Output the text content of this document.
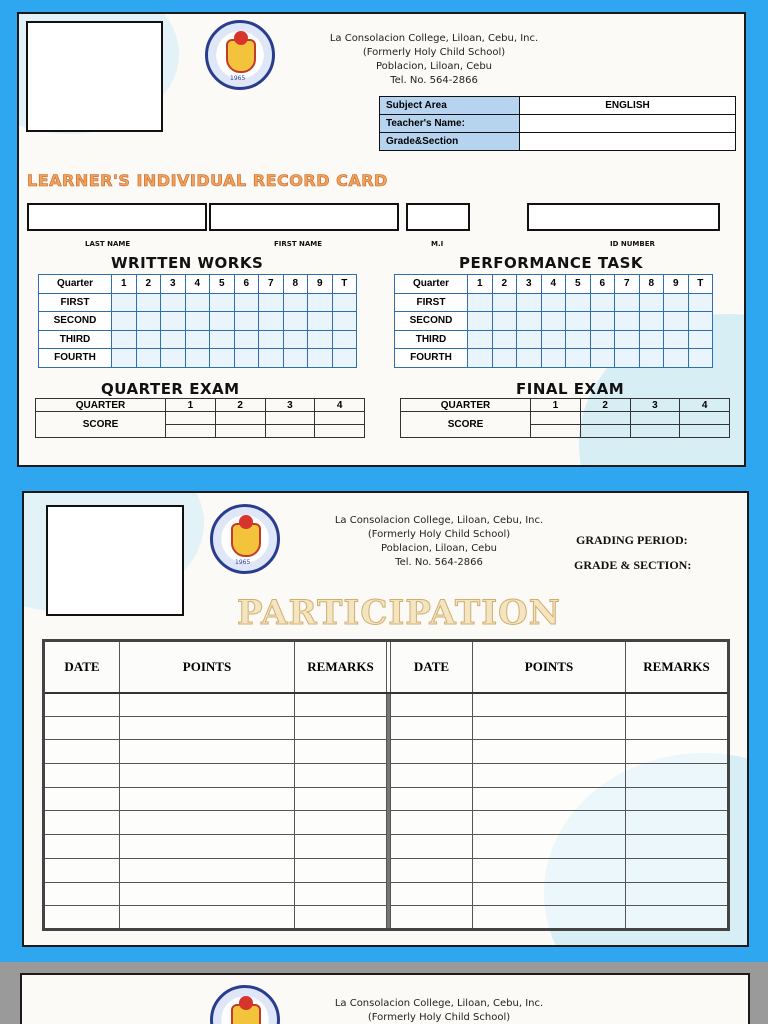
1965
La Consolacion College, Liloan, Cebu, Inc.
(Formerly Holy Child School)
Poblacion, Liloan, Cebu
Tel. No. 564-2866
Subject Area	ENGLISH
Teacher's Name:	
Grade&Section	
LEARNER'S INDIVIDUAL RECORD CARD
LAST NAME	FIRST NAME	M.I	ID NUMBER
WRITTEN WORKS	PERFORMANCE TASK
Quarter	1	2	3	4	5	6	7	8	9	T
FIRST										
SECOND										
THIRD										
FOURTH										
Quarter	1	2	3	4	5	6	7	8	9	T
FIRST										
SECOND										
THIRD										
FOURTH										
QUARTER EXAM	FINAL EXAM
QUARTER	1	2	3	4
SCORE				

QUARTER	1	2	3	4
SCORE				

1965
La Consolacion College, Liloan, Cebu, Inc.
(Formerly Holy Child School)
Poblacion, Liloan, Cebu
Tel. No. 564-2866
GRADING PERIOD:
GRADE & SECTION:
PARTICIPATION
DATE	POINTS	REMARKS		DATE	POINTS	REMARKS

La Consolacion College, Liloan, Cebu, Inc.
(Formerly Holy Child School)
